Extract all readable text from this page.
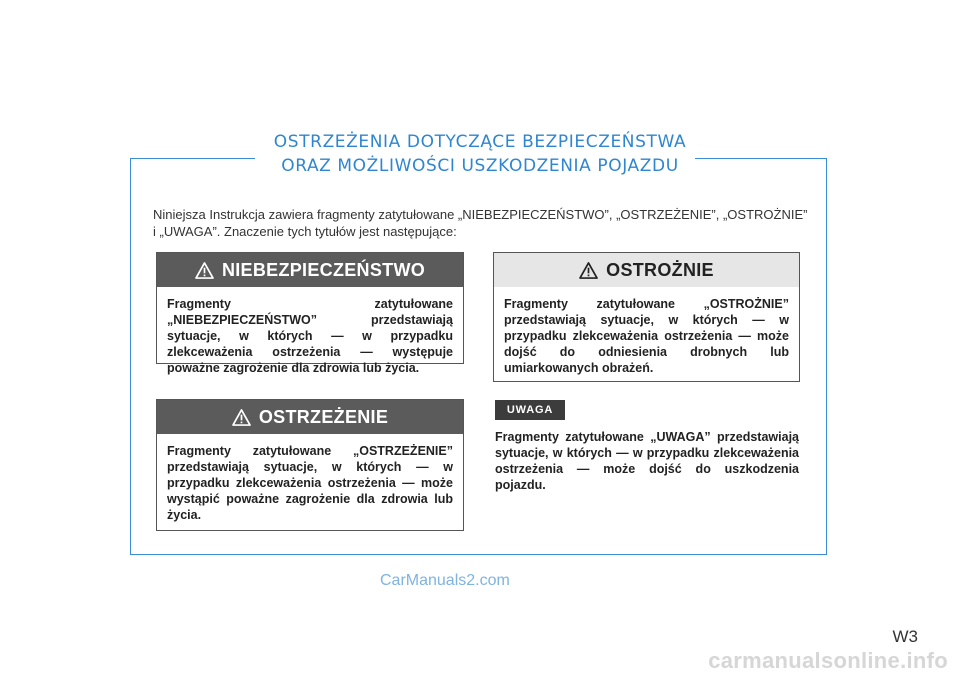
OSTRZEŻENIA DOTYCZĄCE BEZPIECZEŃSTWA
ORAZ MOŻLIWOŚCI USZKODZENIA POJAZDU
Niniejsza Instrukcja zawiera fragmenty zatytułowane „NIEBEZPIECZEŃSTWO”, „OSTRZEŻENIE”, „OSTROŻNIE” i „UWAGA”. Znaczenie tych tytułów jest następujące:
NIEBEZPIECZEŃSTWO
Fragmenty zatytułowane „NIEBEZPIECZEŃSTWO” przedstawiają sytuacje, w których — w przypadku zlekceważenia ostrzeżenia — występuje poważne zagrożenie dla zdrowia lub życia.
OSTROŻNIE
Fragmenty zatytułowane „OSTROŻNIE” przedstawiają sytuacje, w których — w przypadku zlekceważenia ostrzeżenia — może dojść do odniesienia drobnych lub umiarkowanych obrażeń.
OSTRZEŻENIE
Fragmenty zatytułowane „OSTRZEŻENIE” przedstawiają sytuacje, w których — w przypadku zlekceważenia ostrzeżenia — może wystąpić poważne zagrożenie dla zdrowia lub życia.
UWAGA
Fragmenty zatytułowane „UWAGA” przedstawiają sytuacje, w których — w przypadku zlekceważenia ostrzeżenia — może dojść do uszkodzenia pojazdu.
CarManuals2.com
W3
carmanualsonline.info
